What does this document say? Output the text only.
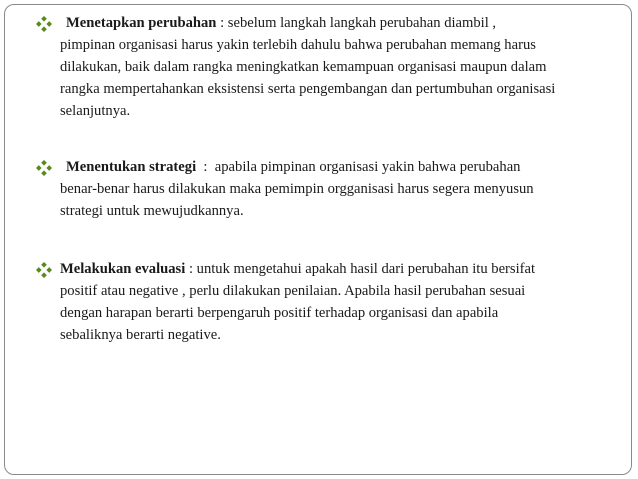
Menetapkan perubahan : sebelum langkah langkah perubahan diambil ,
pimpinan organisasi harus yakin terlebih dahulu bahwa perubahan memang harus
dilakukan, baik dalam rangka meningkatkan kemampuan organisasi maupun dalam
rangka mempertahankan eksistensi serta pengembangan dan pertumbuhan organisasi
selanjutnya.
Menentukan strategi  :  apabila pimpinan organisasi yakin bahwa perubahan
benar-benar harus dilakukan maka pemimpin orgganisasi harus segera menyusun
strategi untuk mewujudkannya.
Melakukan evaluasi : untuk mengetahui apakah hasil dari perubahan itu bersifat
positif atau negative , perlu dilakukan penilaian. Apabila hasil perubahan sesuai
dengan harapan berarti berpengaruh positif terhadap organisasi dan apabila
sebaliknya berarti negative.
